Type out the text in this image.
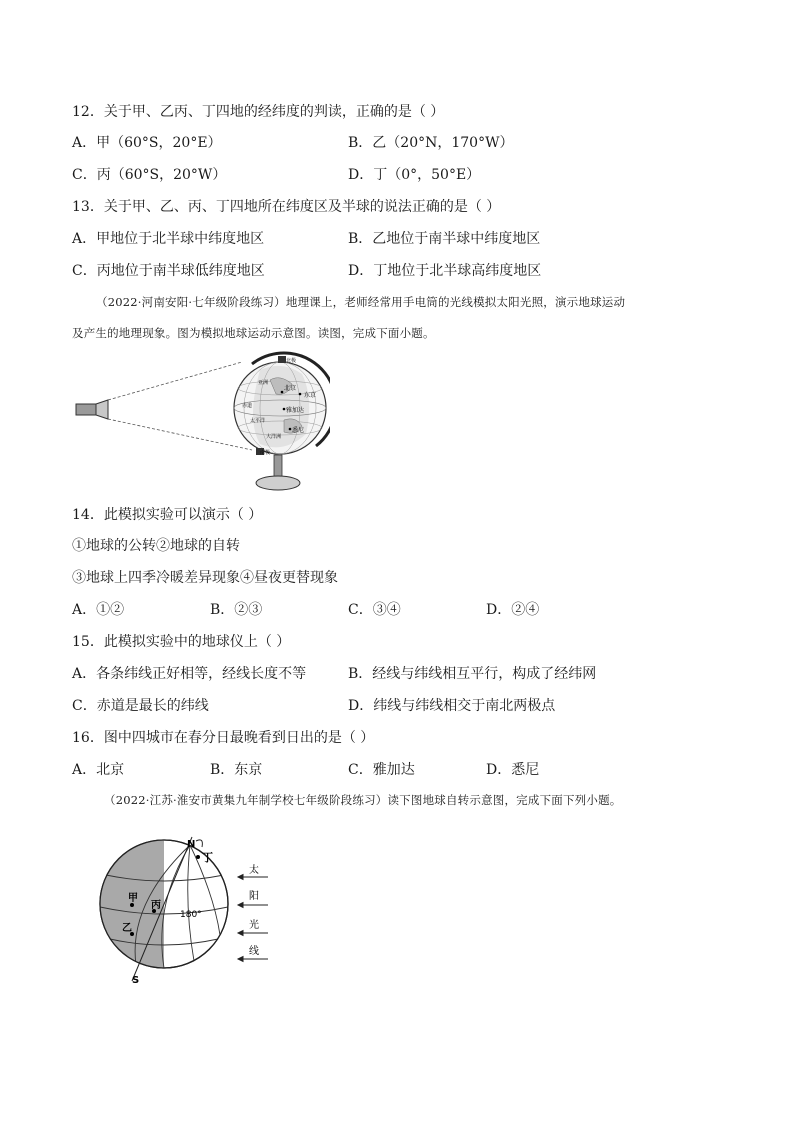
12．关于甲、乙丙、丁四地的经纬度的判读，正确的是（ ）
A．甲（60°S，20°E）	B．乙（20°N，170°W）
C．丙（60°S，20°W）	D．丁（0°，50°E）
13．关于甲、乙、丙、丁四地所在纬度区及半球的说法正确的是（ ）
A．甲地位于北半球中纬度地区	B．乙地位于南半球中纬度地区
C．丙地位于南半球低纬度地区	D．丁地位于北半球高纬度地区
（2022·河南安阳·七年级阶段练习）地理课上，老师经常用手电筒的光线模拟太阳光照，演示地球运动
及产生的地理现象。图为模拟地球运动示意图。读图，完成下面小题。
北极
北京
东京
雅加达
悉尼
亚洲
赤道
太平洋
大洋洲
南极
14．此模拟实验可以演示（ ）
①地球的公转②地球的自转
③地球上四季冷暖差异现象④昼夜更替现象
A．①②	B．②③	C．③④	D．②④
15．此模拟实验中的地球仪上（ ）
A．各条纬线正好相等，经线长度不等	B．经线与纬线相互平行，构成了经纬网
C．赤道是最长的纬线	D．纬线与纬线相交于南北两极点
16．图中四城市在春分日最晚看到日出的是（ ）
A．北京	B．东京	C．雅加达	D．悉尼
（2022·江苏·淮安市黄集九年制学校七年级阶段练习）读下图地球自转示意图，完成下面下列小题。
N
S
丁
甲
丙
乙
180°
太
阳
光
线
